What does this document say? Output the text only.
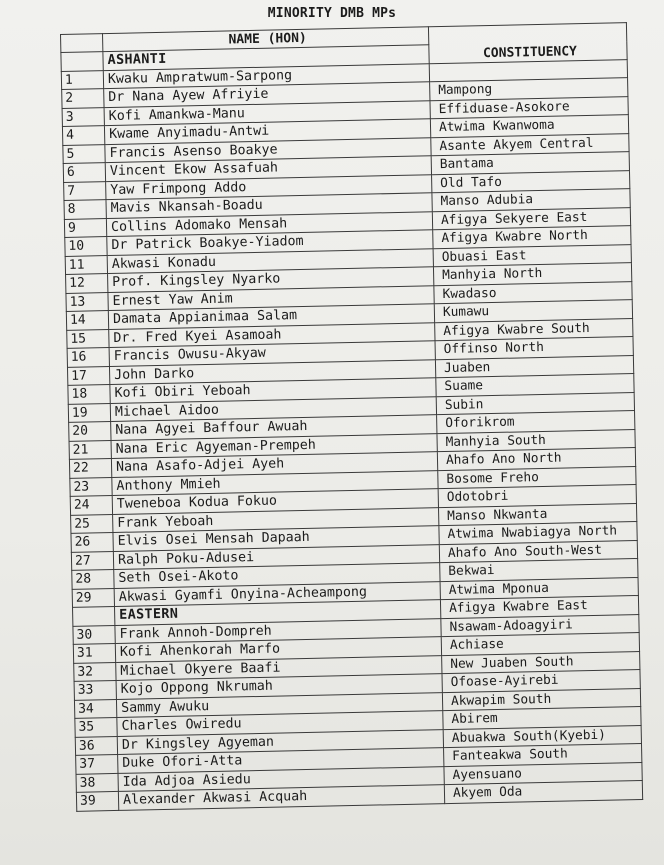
MINORITY DMB MPs
	NAME (HON)	CONSTITUENCY
	ASHANTI	
1	Kwaku Ampratwum-Sarpong	
2	Dr Nana Ayew Afriyie	Mampong
3	Kofi Amankwa-Manu	Effiduase-Asokore
4	Kwame Anyimadu-Antwi	Atwima Kwanwoma
5	Francis Asenso Boakye	Asante Akyem Central
6	Vincent Ekow Assafuah	Bantama
7	Yaw Frimpong Addo	Old Tafo
8	Mavis Nkansah-Boadu	Manso Adubia
9	Collins Adomako Mensah	Afigya Sekyere East
10	Dr Patrick Boakye-Yiadom	Afigya Kwabre North
11	Akwasi Konadu	Obuasi East
12	Prof. Kingsley Nyarko	Manhyia North
13	Ernest Yaw Anim	Kwadaso
14	Damata Appianimaa Salam	Kumawu
15	Dr. Fred Kyei Asamoah	Afigya Kwabre South
16	Francis Owusu-Akyaw	Offinso North
17	John Darko	Juaben
18	Kofi Obiri Yeboah	Suame
19	Michael Aidoo	Subin
20	Nana Agyei Baffour Awuah	Oforikrom
21	Nana Eric Agyeman-Prempeh	Manhyia South
22	Nana Asafo-Adjei Ayeh	Ahafo Ano North
23	Anthony Mmieh	Bosome Freho
24	Tweneboa Kodua Fokuo	Odotobri
25	Frank Yeboah	Manso Nkwanta
26	Elvis Osei Mensah Dapaah	Atwima Nwabiagya North
27	Ralph Poku-Adusei	Ahafo Ano South-West
28	Seth Osei-Akoto	Bekwai
29	Akwasi Gyamfi Onyina-Acheampong	Atwima Mponua
	EASTERN	Afigya Kwabre East
30	Frank Annoh-Dompreh	Nsawam-Adoagyiri
31	Kofi Ahenkorah Marfo	Achiase
32	Michael Okyere Baafi	New Juaben South
33	Kojo Oppong Nkrumah	Ofoase-Ayirebi
34	Sammy Awuku	Akwapim South
35	Charles Owiredu	Abirem
36	Dr Kingsley Agyeman	Abuakwa South(Kyebi)
37	Duke Ofori-Atta	Fanteakwa South
38	Ida Adjoa Asiedu	Ayensuano
39	Alexander Akwasi Acquah	Akyem Oda
